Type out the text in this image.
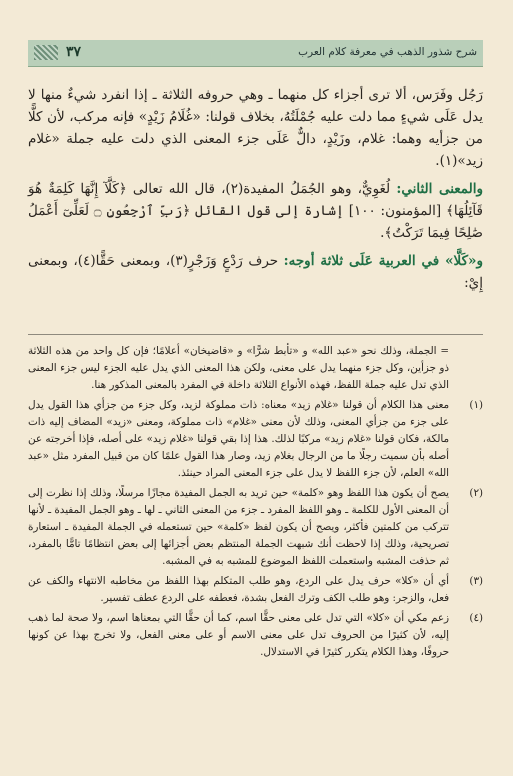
٣٧	شرح شذور الذهب في معرفة كلام العرب

رَجُل وفَرَس، ألا ترى أجزاء كل منهما ـ وهي حروفه الثلاثة ـ إذا انفرد شيءٌ منها لا يدل عَلَى شيءٍ مما دلت عليه جُمْلَتُهُ، بخلاف قولنا: «غُلَامُ زَيْدٍ» فإنه مركب، لأن كلًّا من جزأيه وهما: غلام، وزَيْدٍ، دالٌّ عَلَى جزء المعنى الذي دلت عليه جملة «غلام زيد»(١).

والمعنى الثاني: لُغَوِيٌّ، وهو الجُمَلُ المفيدة(٢)، قال الله تعالى ﴿كَلَّآ إِنَّهَا كَلِمَةٌ هُوَ قَآئِلُهَا﴾ [المؤمنون: ١٠٠] إشارة إلى قول القائل ﴿رَبِّ ٱرْجِعُونِ ۝ لَعَلِّىٓ أَعْمَلُ صَٰلِحًا فِيمَا تَرَكْتُ﴾.

و«كَلَّا» في العربية عَلَى ثلاثة أوجه: حرف رَدْعٍ وَزَجْرٍ(٣)، وبمعنى حَقًّا(٤)، وبمعنى إِيْ:

= الجملة، وذلك نحو «عبد الله» و «تأبط شرًّا» و «قاضيخان» أعلامًا؛ فإن كل واحد من هذه الثلاثة ذو جزأين، وكل جزء منهما يدل على معنى، ولكن هذا المعنى الذي يدل عليه الجزء ليس جزء المعنى الذي تدل عليه جملة اللفظ، فهذه الأنواع الثلاثة داخلة في المفرد بالمعنى المذكور هنا.
(١)
معنى هذا الكلام أن قولنا «غلام زيد» معناه: ذات مملوكة لزيد، وكل جزء من جزأي هذا القول يدل على جزء من جزأي المعنى، وذلك لأن معنى «غلام» ذات مملوكة، ومعنى «زيد» المضاف إليه ذات مالكة، فكان قولنا «غلام زيد» مركبًا لذلك. هذا إذا بقي قولنا «غلام زيد» على أصله، فإذا أخرجته عن أصله بأن سميت رجلًا ما من الرجال بغلام زيد، وصار هذا القول علمًا كان من قبيل المفرد مثل «عبد الله» العلم، لأن جزء اللفظ لا يدل على جزء المعنى المراد حينئذ.
(٢)
يصح أن يكون هذا اللفظ وهو «كلمة» حين تريد به الجمل المفيدة مجازًا مرسلًا، وذلك إذا نظرت إلى أن المعنى الأول للكلمة ـ وهو اللفظ المفرد ـ جزء من المعنى الثاني ـ لها ـ وهو الجمل المفيدة ـ لأنها تتركب من كلمتين فأكثر، ويصح أن يكون لفظ «كلمة» حين تستعمله في الجملة المفيدة ـ استعارة تصريحية، وذلك إذا لاحظت أنك شبهت الجملة المنتظم بعض أجزائها إلى بعض انتظامًا تامًّا بالمفرد، ثم حذفت المشبه واستعملت اللفظ الموضوع للمشبه به في المشبه.
(٣)
أي أن «كلا» حرف يدل على الردع، وهو طلب المتكلم بهذا اللفظ من مخاطبه الانتهاء والكف عن فعل، والزجر: وهو طلب الكف وترك الفعل بشدة، فعطفه على الردع عطف تفسير.
(٤)
زعم مكي أن «كلا» التي تدل على معنى حقًّا اسم، كما أن حقًّا التي بمعناها اسم، ولا صحة لما ذهب إليه، لأن كثيرًا من الحروف تدل على معنى الاسم أو على معنى الفعل، ولا تخرج بهذا عن كونها حروفًا، وهذا الكلام يتكرر كثيرًا في الاستدلال.
